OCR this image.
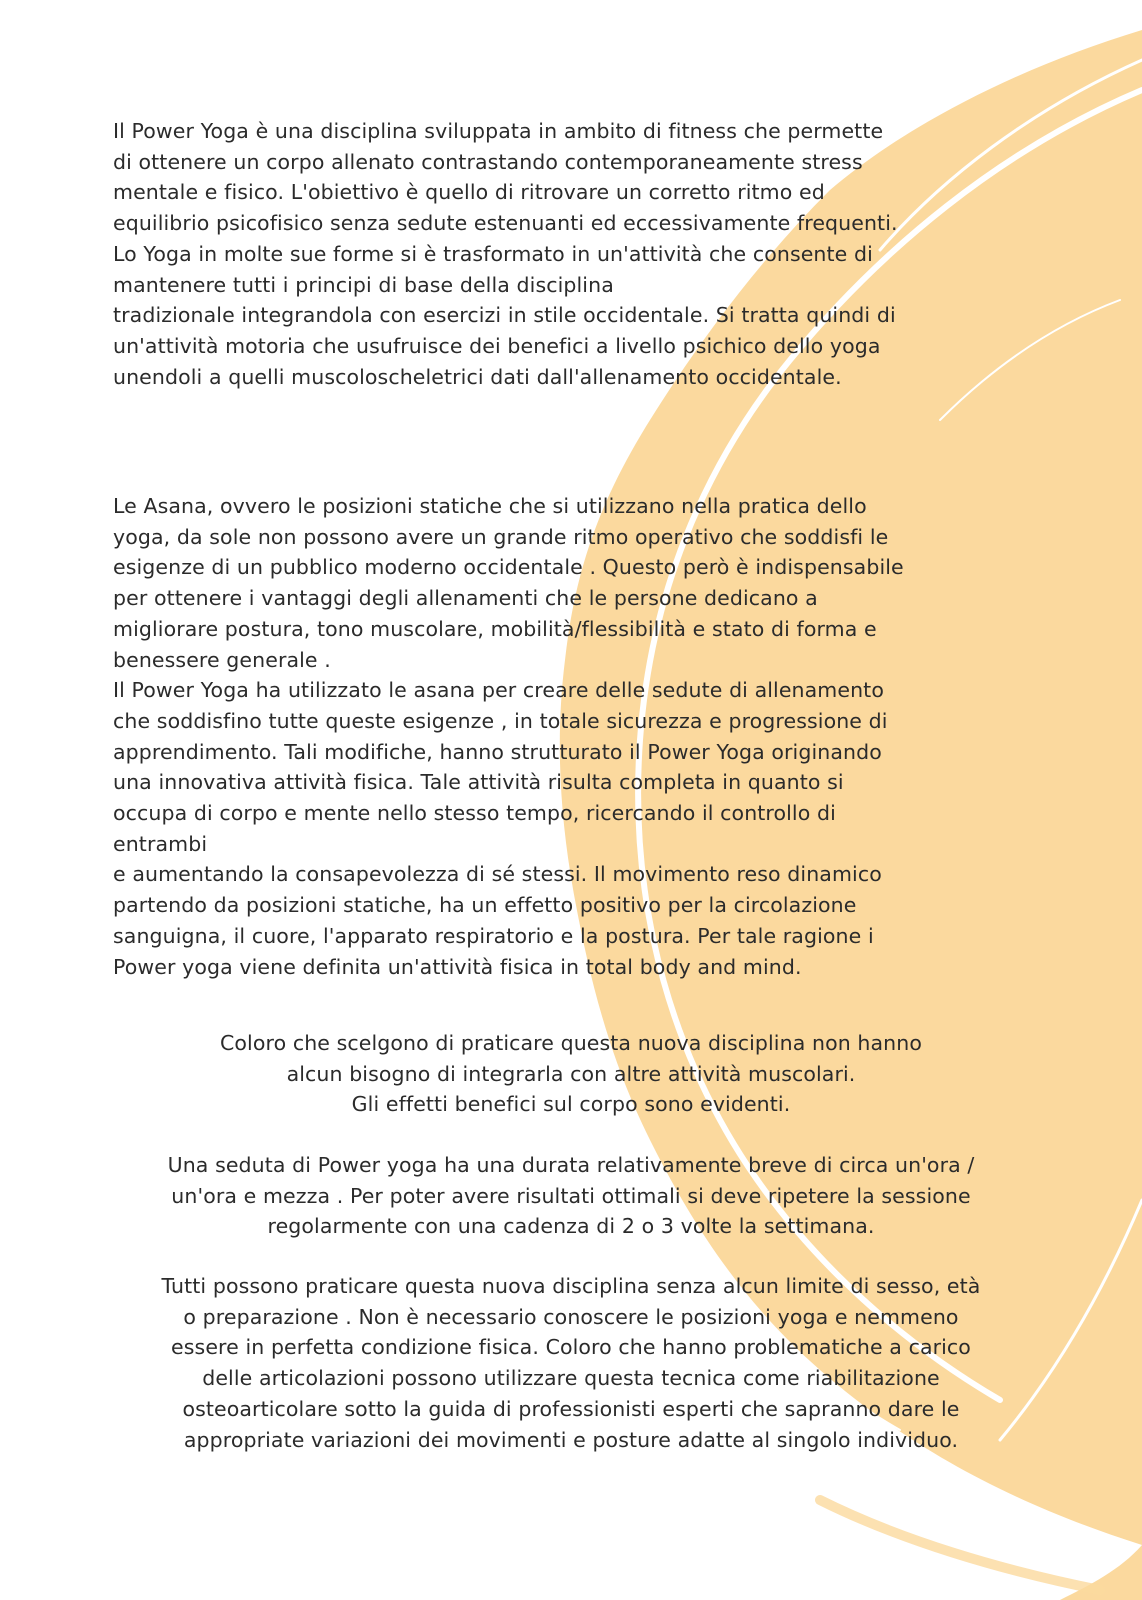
Il Power Yoga è una disciplina sviluppata in ambito di fitness che permette
di ottenere un corpo allenato contrastando contemporaneamente stress
mentale e fisico. L'obiettivo è quello di ritrovare un corretto ritmo ed
equilibrio psicofisico senza sedute estenuanti ed eccessivamente frequenti.
Lo Yoga in molte sue forme si è trasformato in un'attività che consente di
mantenere tutti i principi di base della disciplina
tradizionale integrandola con esercizi in stile occidentale. Si tratta quindi di
un'attività motoria che usufruisce dei benefici a livello psichico dello yoga
unendoli a quelli muscoloscheletrici dati dall'allenamento occidentale.
Le Asana, ovvero le posizioni statiche che si utilizzano nella pratica dello
yoga, da sole non possono avere un grande ritmo operativo che soddisfi le
esigenze di un pubblico moderno occidentale . Questo però è indispensabile
per ottenere i vantaggi degli allenamenti che le persone dedicano a
migliorare postura, tono muscolare, mobilità/flessibilità e stato di forma e
benessere generale .
Il Power Yoga ha utilizzato le asana per creare delle sedute di allenamento
che soddisfino tutte queste esigenze , in totale sicurezza e progressione di
apprendimento. Tali modifiche, hanno strutturato il Power Yoga originando
una innovativa attività fisica. Tale attività risulta completa in quanto si
occupa di corpo e mente nello stesso tempo, ricercando il controllo di
entrambi
e aumentando la consapevolezza di sé stessi. Il movimento reso dinamico
partendo da posizioni statiche, ha un effetto positivo per la circolazione
sanguigna, il cuore, l'apparato respiratorio e la postura. Per tale ragione i
Power yoga viene definita un'attività fisica in total body and mind.
Coloro che scelgono di praticare questa nuova disciplina non hanno
alcun bisogno di integrarla con altre attività muscolari.
Gli effetti benefici sul corpo sono evidenti.
Una seduta di Power yoga ha una durata relativamente breve di circa un'ora /
un'ora e mezza . Per poter avere risultati ottimali si deve ripetere la sessione
regolarmente con una cadenza di 2 o 3 volte la settimana.
Tutti possono praticare questa nuova disciplina senza alcun limite di sesso, età
o preparazione . Non è necessario conoscere le posizioni yoga e nemmeno
essere in perfetta condizione fisica. Coloro che hanno problematiche a carico
delle articolazioni possono utilizzare questa tecnica come riabilitazione
osteoarticolare sotto la guida di professionisti esperti che sapranno dare le
appropriate variazioni dei movimenti e posture adatte al singolo individuo.
